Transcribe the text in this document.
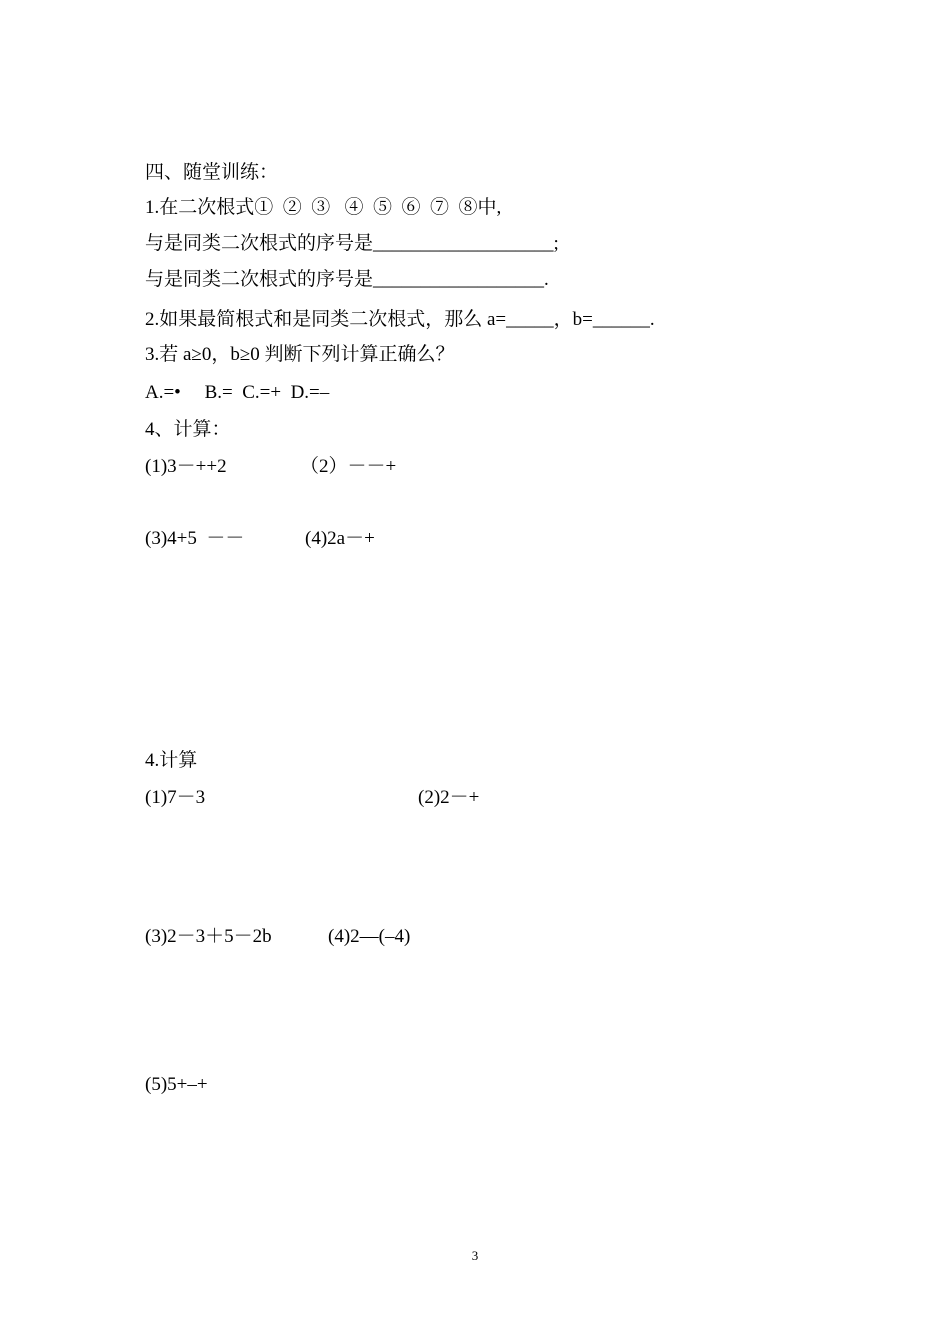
四、随堂训练：
1.在二次根式①  ②  ③   ④  ⑤  ⑥  ⑦  ⑧中,
与是同类二次根式的序号是___________________;
与是同类二次根式的序号是__________________.
2.如果最简根式和是同类二次根式，那么 a=_____，b=______.
3.若 a≥0，b≥0 判断下列计算正确么？
A.=•     B.=  C.=+  D.=–
4、计算：
(1)3－++2	（2）－－+
(3)4+5  －－	(4)2a－+
4.计算
(1)7－3	(2)2－+
(3)2－3＋5－2b	(4)2—(–4)
(5)5+–+
3
